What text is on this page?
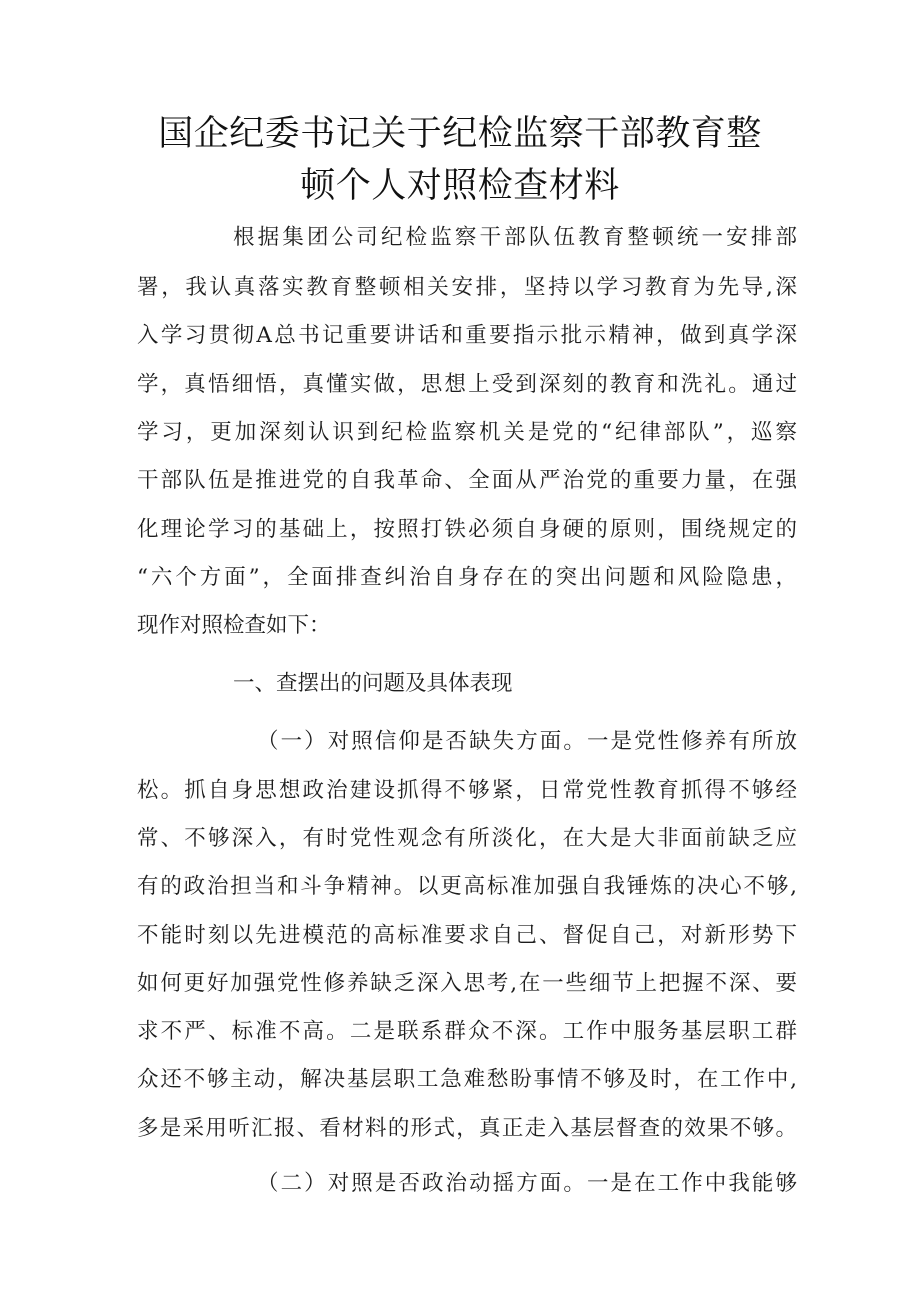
国企纪委书记关于纪检监察干部教育整
顿个人对照检查材料
根据集团公司纪检监察干部队伍教育整顿统一安排部
署，我认真落实教育整顿相关安排，坚持以学习教育为先导,深
入学习贯彻A总书记重要讲话和重要指示批示精神，做到真学深
学，真悟细悟，真懂实做，思想上受到深刻的教育和洗礼。通过
学习，更加深刻认识到纪检监察机关是党的“纪律部队”，巡察
干部队伍是推进党的自我革命、全面从严治党的重要力量，在强
化理论学习的基础上，按照打铁必须自身硬的原则，围绕规定的
“六个方面”，全面排查纠治自身存在的突出问题和风险隐患，
现作对照检查如下：
一、查摆出的问题及具体表现
（一）对照信仰是否缺失方面。一是党性修养有所放
松。抓自身思想政治建设抓得不够紧，日常党性教育抓得不够经
常、不够深入，有时党性观念有所淡化，在大是大非面前缺乏应
有的政治担当和斗争精神。以更高标准加强自我锤炼的决心不够,
不能时刻以先进模范的高标准要求自己、督促自己，对新形势下
如何更好加强党性修养缺乏深入思考,在一些细节上把握不深、要
求不严、标准不高。二是联系群众不深。工作中服务基层职工群
众还不够主动，解决基层职工急难愁盼事情不够及时，在工作中,
多是采用听汇报、看材料的形式，真正走入基层督查的效果不够。
（二）对照是否政治动摇方面。一是在工作中我能够
